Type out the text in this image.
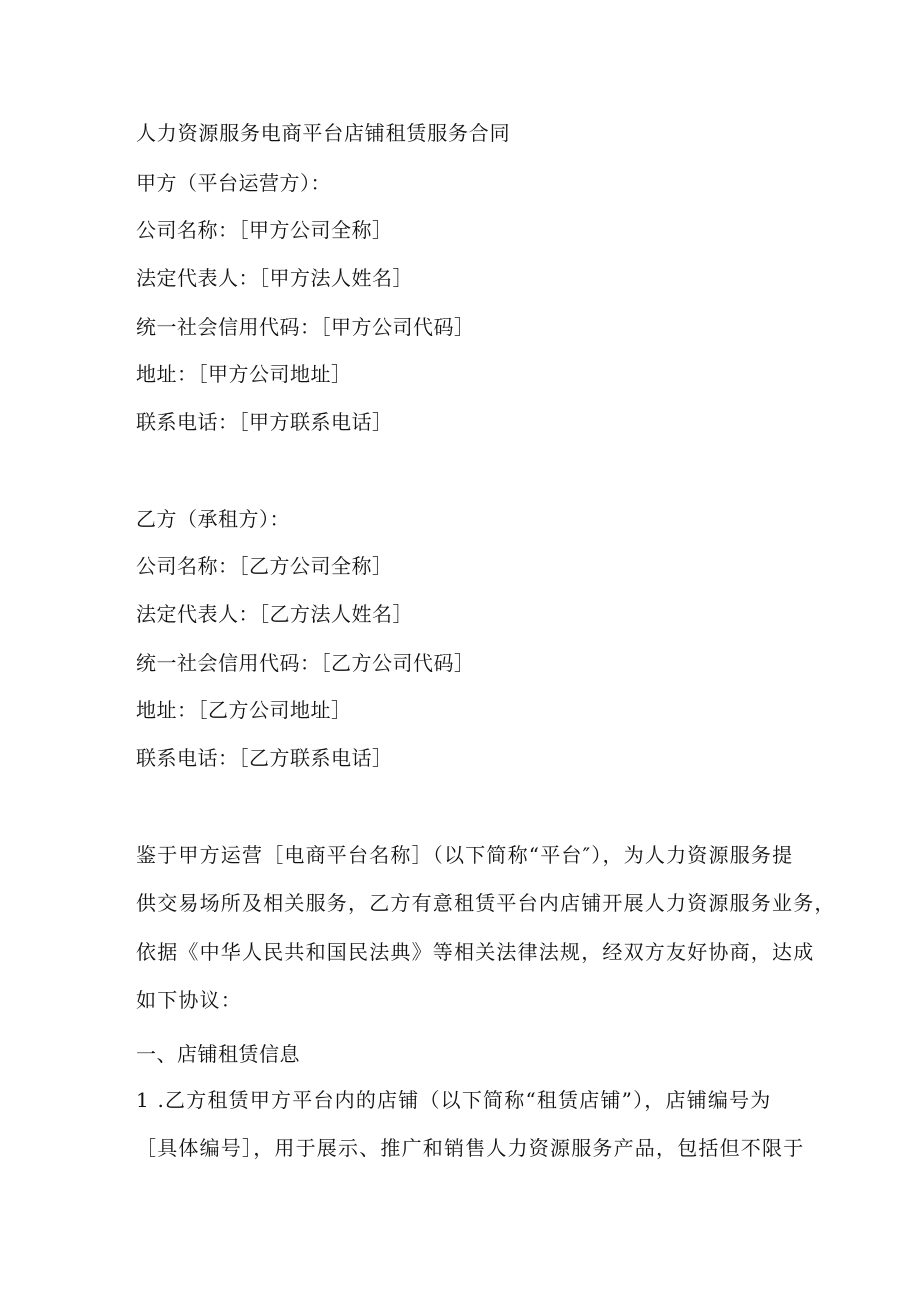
人力资源服务电商平台店铺租赁服务合同
甲方（平台运营方）：
公司名称：［甲方公司全称］
法定代表人：［甲方法人姓名］
统一社会信用代码：［甲方公司代码］
地址：［甲方公司地址］
联系电话：［甲方联系电话］
乙方（承租方）：
公司名称：［乙方公司全称］
法定代表人：［乙方法人姓名］
统一社会信用代码：［乙方公司代码］
地址：［乙方公司地址］
联系电话：［乙方联系电话］
鉴于甲方运营［电商平台名称］（以下简称“平台″），为人力资源服务提
供交易场所及相关服务，乙方有意租赁平台内店铺开展人力资源服务业务，
依据《中华人民共和国民法典》等相关法律法规，经双方友好协商，达成
如下协议：
一、店铺租赁信息
1 .乙方租赁甲方平台内的店铺（以下简称“租赁店铺”），店铺编号为
［具体编号］，用于展示、推广和销售人力资源服务产品，包括但不限于
